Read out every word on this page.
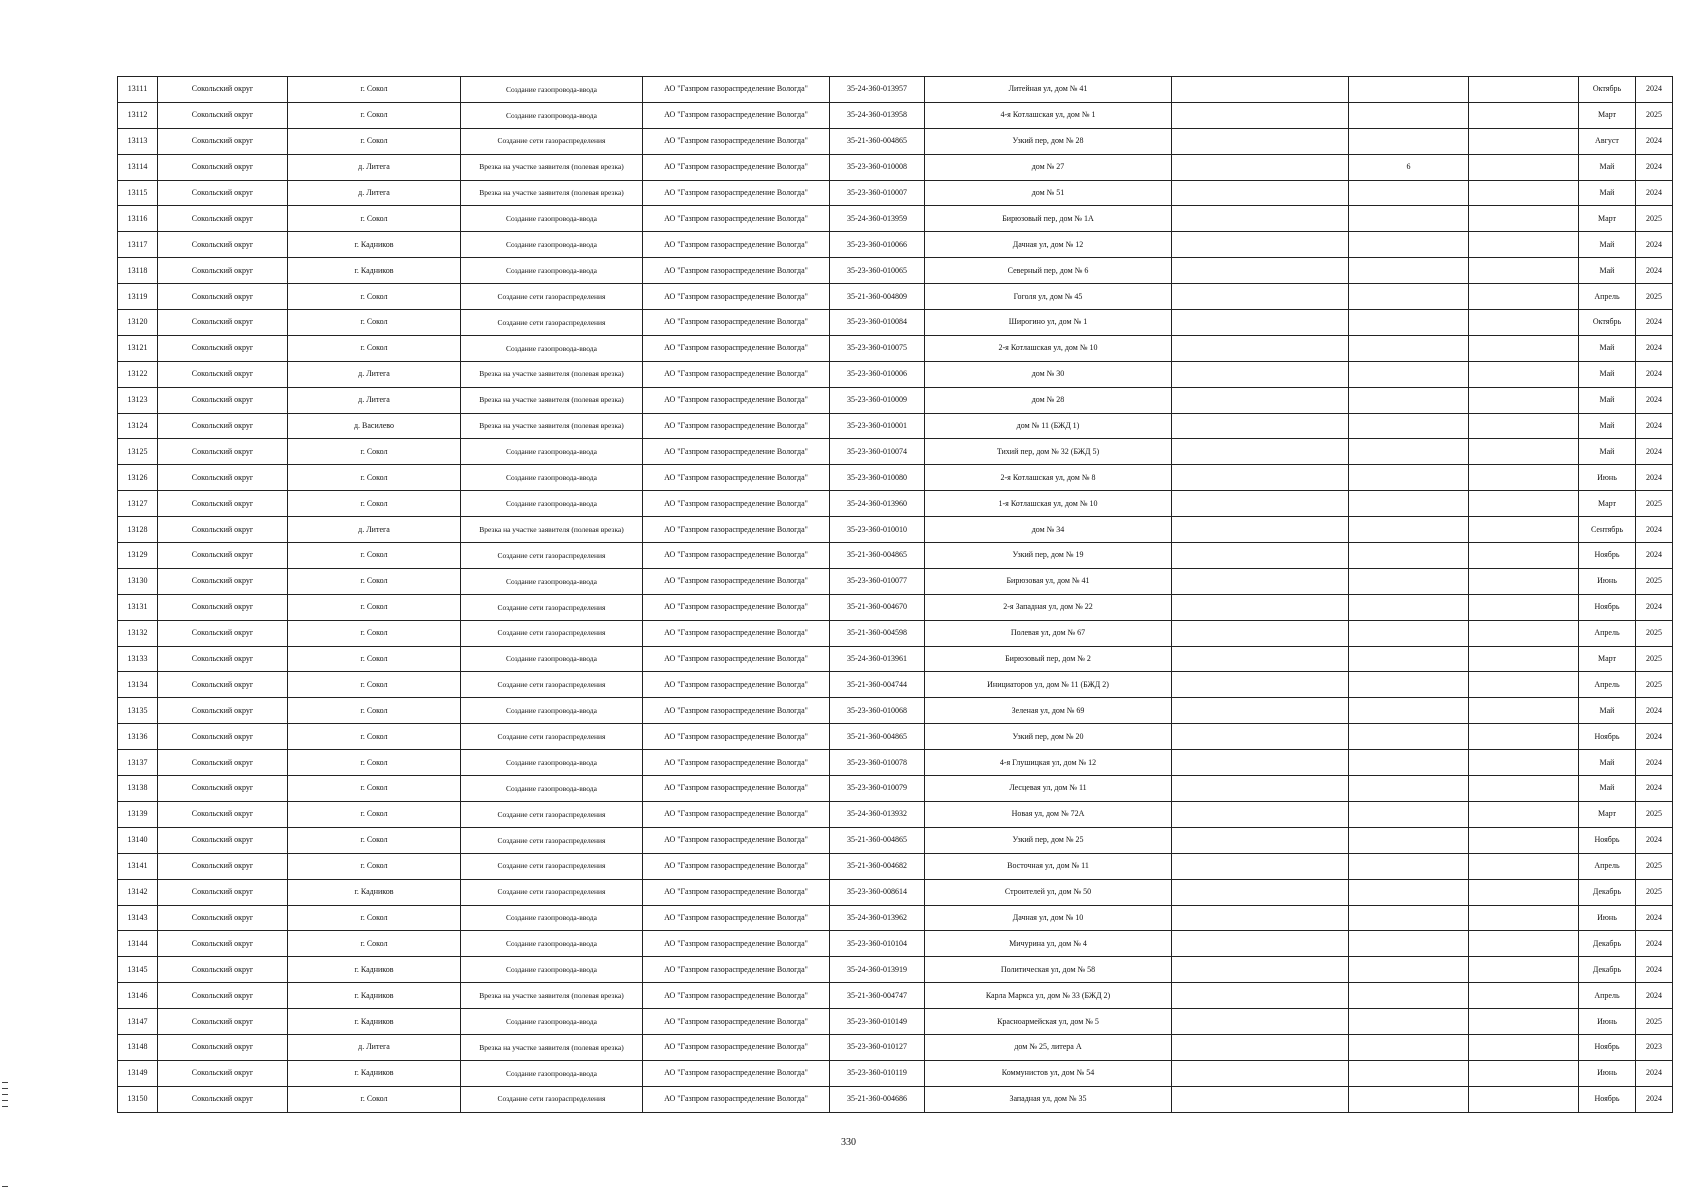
13111	Сокольский округ	г. Сокол	Создание газопровода-ввода	АО "Газпром газораспределение Вологда"	35-24-360-013957	Литейная ул, дом № 41				Октябрь	2024
13112	Сокольский округ	г. Сокол	Создание газопровода-ввода	АО "Газпром газораспределение Вологда"	35-24-360-013958	4-я Котлашская ул, дом № 1				Март	2025
13113	Сокольский округ	г. Сокол	Создание сети газораспределения	АО "Газпром газораспределение Вологда"	35-21-360-004865	Узкий пер, дом № 28				Август	2024
13114	Сокольский округ	д. Литега	Врезка на участке заявителя (полевая врезка)	АО "Газпром газораспределение Вологда"	35-23-360-010008	дом № 27		6		Май	2024
13115	Сокольский округ	д. Литега	Врезка на участке заявителя (полевая врезка)	АО "Газпром газораспределение Вологда"	35-23-360-010007	дом № 51				Май	2024
13116	Сокольский округ	г. Сокол	Создание газопровода-ввода	АО "Газпром газораспределение Вологда"	35-24-360-013959	Бирюзовый пер, дом № 1А				Март	2025
13117	Сокольский округ	г. Кадников	Создание газопровода-ввода	АО "Газпром газораспределение Вологда"	35-23-360-010066	Дачная ул, дом № 12				Май	2024
13118	Сокольский округ	г. Кадников	Создание газопровода-ввода	АО "Газпром газораспределение Вологда"	35-23-360-010065	Северный пер, дом № 6				Май	2024
13119	Сокольский округ	г. Сокол	Создание сети газораспределения	АО "Газпром газораспределение Вологда"	35-21-360-004809	Гоголя ул, дом № 45				Апрель	2025
13120	Сокольский округ	г. Сокол	Создание сети газораспределения	АО "Газпром газораспределение Вологда"	35-23-360-010084	Широгино ул, дом № 1				Октябрь	2024
13121	Сокольский округ	г. Сокол	Создание газопровода-ввода	АО "Газпром газораспределение Вологда"	35-23-360-010075	2-я Котлашская ул, дом № 10				Май	2024
13122	Сокольский округ	д. Литега	Врезка на участке заявителя (полевая врезка)	АО "Газпром газораспределение Вологда"	35-23-360-010006	дом № 30				Май	2024
13123	Сокольский округ	д. Литега	Врезка на участке заявителя (полевая врезка)	АО "Газпром газораспределение Вологда"	35-23-360-010009	дом № 28				Май	2024
13124	Сокольский округ	д. Василево	Врезка на участке заявителя (полевая врезка)	АО "Газпром газораспределение Вологда"	35-23-360-010001	дом № 11 (БЖД 1)				Май	2024
13125	Сокольский округ	г. Сокол	Создание газопровода-ввода	АО "Газпром газораспределение Вологда"	35-23-360-010074	Тихий пер, дом № 32 (БЖД 5)				Май	2024
13126	Сокольский округ	г. Сокол	Создание газопровода-ввода	АО "Газпром газораспределение Вологда"	35-23-360-010080	2-я Котлашская ул, дом № 8				Июнь	2024
13127	Сокольский округ	г. Сокол	Создание газопровода-ввода	АО "Газпром газораспределение Вологда"	35-24-360-013960	1-я Котлашская ул, дом № 10				Март	2025
13128	Сокольский округ	д. Литега	Врезка на участке заявителя (полевая врезка)	АО "Газпром газораспределение Вологда"	35-23-360-010010	дом № 34				Сентябрь	2024
13129	Сокольский округ	г. Сокол	Создание сети газораспределения	АО "Газпром газораспределение Вологда"	35-21-360-004865	Узкий пер, дом № 19				Ноябрь	2024
13130	Сокольский округ	г. Сокол	Создание газопровода-ввода	АО "Газпром газораспределение Вологда"	35-23-360-010077	Бирюзовая ул, дом № 41				Июнь	2025
13131	Сокольский округ	г. Сокол	Создание сети газораспределения	АО "Газпром газораспределение Вологда"	35-21-360-004670	2-я Западная ул, дом № 22				Ноябрь	2024
13132	Сокольский округ	г. Сокол	Создание сети газораспределения	АО "Газпром газораспределение Вологда"	35-21-360-004598	Полевая ул, дом № 67				Апрель	2025
13133	Сокольский округ	г. Сокол	Создание газопровода-ввода	АО "Газпром газораспределение Вологда"	35-24-360-013961	Бирюзовый пер, дом № 2				Март	2025
13134	Сокольский округ	г. Сокол	Создание сети газораспределения	АО "Газпром газораспределение Вологда"	35-21-360-004744	Инициаторов ул, дом № 11 (БЖД 2)				Апрель	2025
13135	Сокольский округ	г. Сокол	Создание газопровода-ввода	АО "Газпром газораспределение Вологда"	35-23-360-010068	Зеленая ул, дом № 69				Май	2024
13136	Сокольский округ	г. Сокол	Создание сети газораспределения	АО "Газпром газораспределение Вологда"	35-21-360-004865	Узкий пер, дом № 20				Ноябрь	2024
13137	Сокольский округ	г. Сокол	Создание газопровода-ввода	АО "Газпром газораспределение Вологда"	35-23-360-010078	4-я Глушицкая ул, дом № 12				Май	2024
13138	Сокольский округ	г. Сокол	Создание газопровода-ввода	АО "Газпром газораспределение Вологда"	35-23-360-010079	Лесцевая ул, дом № 11				Май	2024
13139	Сокольский округ	г. Сокол	Создание сети газораспределения	АО "Газпром газораспределение Вологда"	35-24-360-013932	Новая ул, дом № 72А				Март	2025
13140	Сокольский округ	г. Сокол	Создание сети газораспределения	АО "Газпром газораспределение Вологда"	35-21-360-004865	Узкий пер, дом № 25				Ноябрь	2024
13141	Сокольский округ	г. Сокол	Создание сети газораспределения	АО "Газпром газораспределение Вологда"	35-21-360-004682	Восточная ул, дом № 11				Апрель	2025
13142	Сокольский округ	г. Кадников	Создание сети газораспределения	АО "Газпром газораспределение Вологда"	35-23-360-008614	Строителей ул, дом № 50				Декабрь	2025
13143	Сокольский округ	г. Сокол	Создание газопровода-ввода	АО "Газпром газораспределение Вологда"	35-24-360-013962	Дачная ул, дом № 10				Июнь	2024
13144	Сокольский округ	г. Сокол	Создание газопровода-ввода	АО "Газпром газораспределение Вологда"	35-23-360-010104	Мичурина ул, дом № 4				Декабрь	2024
13145	Сокольский округ	г. Кадников	Создание газопровода-ввода	АО "Газпром газораспределение Вологда"	35-24-360-013919	Политическая ул, дом № 58				Декабрь	2024
13146	Сокольский округ	г. Кадников	Врезка на участке заявителя (полевая врезка)	АО "Газпром газораспределение Вологда"	35-21-360-004747	Карла Маркса ул, дом № 33 (БЖД 2)				Апрель	2024
13147	Сокольский округ	г. Кадников	Создание газопровода-ввода	АО "Газпром газораспределение Вологда"	35-23-360-010149	Красноармейская ул, дом № 5				Июнь	2025
13148	Сокольский округ	д. Литега	Врезка на участке заявителя (полевая врезка)	АО "Газпром газораспределение Вологда"	35-23-360-010127	дом № 25, литера А				Ноябрь	2023
13149	Сокольский округ	г. Кадников	Создание газопровода-ввода	АО "Газпром газораспределение Вологда"	35-23-360-010119	Коммунистов ул, дом № 54				Июнь	2024
13150	Сокольский округ	г. Сокол	Создание сети газораспределения	АО "Газпром газораспределение Вологда"	35-21-360-004686	Западная ул, дом № 35				Ноябрь	2024
330
